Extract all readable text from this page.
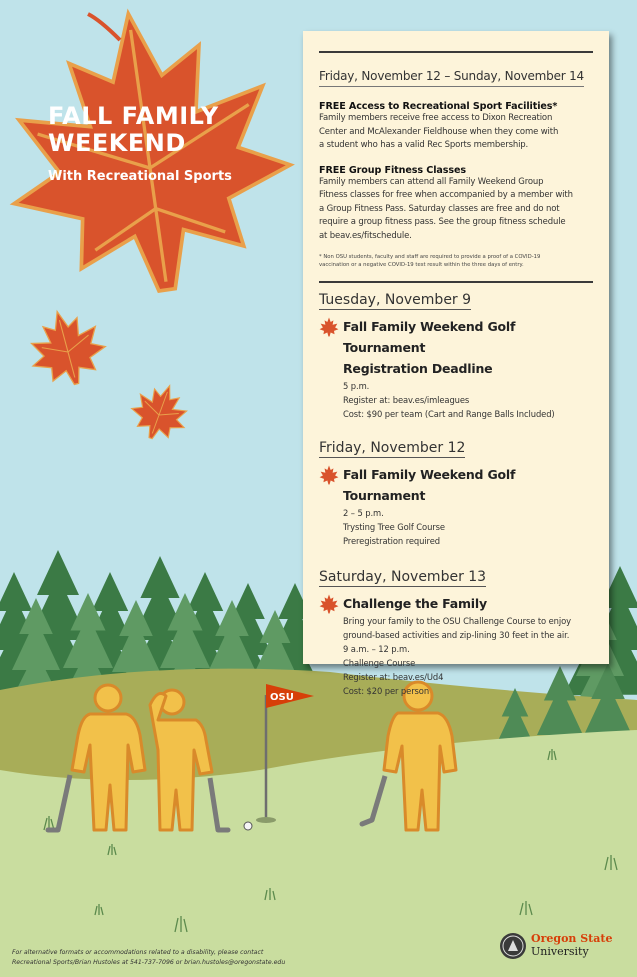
OSU
FALL FAMILY
WEEKEND
With Recreational Sports
Friday, November 12 – Sunday, November 14
FREE Access to Recreational Sport Facilities*
Family members receive free access to Dixon Recreation
Center and McAlexander Fieldhouse when they come with
a student who has a valid Rec Sports membership.
FREE Group Fitness Classes
Family members can attend all Family Weekend Group
Fitness classes for free when accompanied by a member with
a Group Fitness Pass. Saturday classes are free and do not
require a group fitness pass. See the group fitness schedule
at beav.es/fitschedule.
* Non OSU students, faculty and staff are required to provide a proof of a COVID-19
vaccination or a negative COVID-19 test result within the three days of entry.
Tuesday, November 9
Fall Family Weekend Golf Tournament
Registration Deadline
5 p.m.
Register at: beav.es/imleagues
Cost: $90 per team (Cart and Range Balls Included)
Friday, November 12
Fall Family Weekend Golf Tournament
2 – 5 p.m.
Trysting Tree Golf Course
Preregistration required
Saturday, November 13
Challenge the Family
Bring your family to the OSU Challenge Course to enjoy
ground-based activities and zip-lining 30 feet in the air.
9 a.m. – 12 p.m.
Challenge Course
Register at: beav.es/Ud4
Cost: $20 per person
For alternative formats or accommodations related to a disability, please contact
Recreational Sports/Brian Hustoles at 541-737-7096 or brian.hustoles@oregonstate.edu
Oregon State
University
